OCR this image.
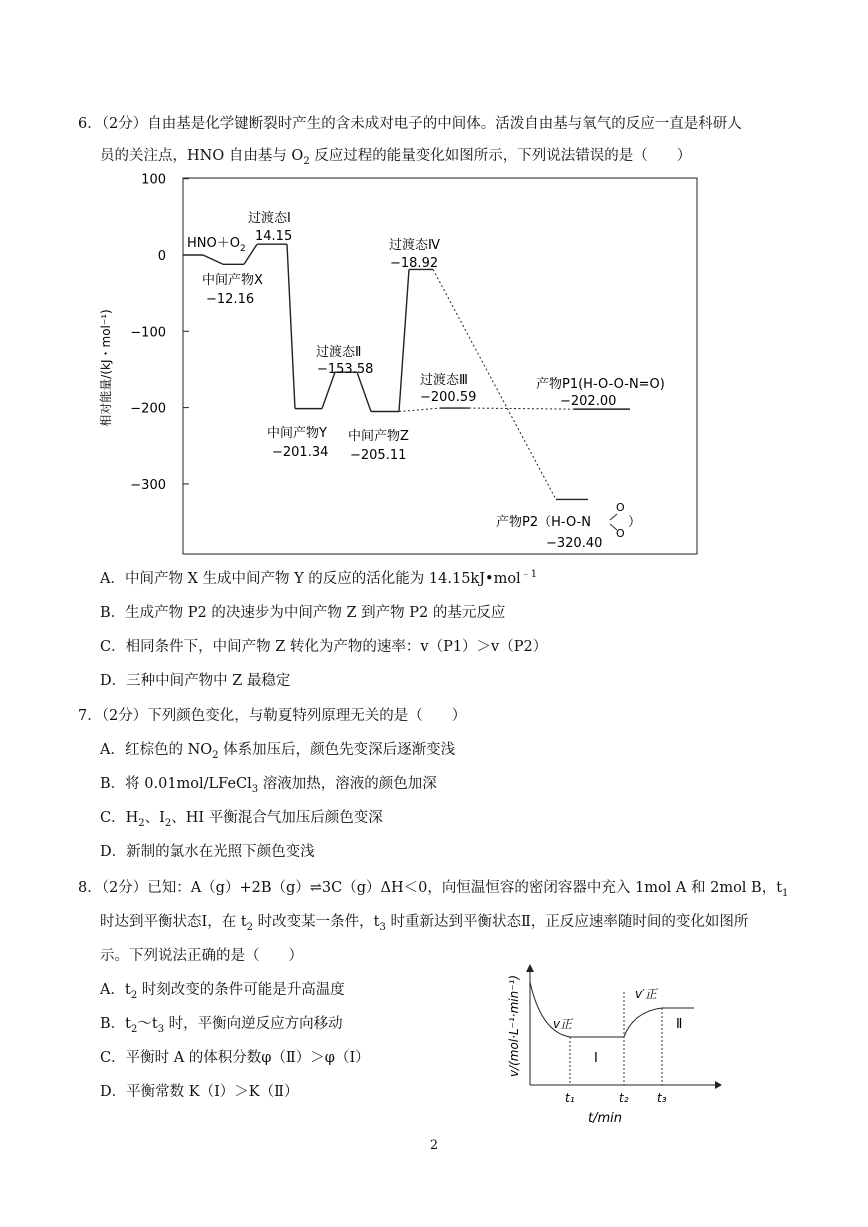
6．（2分）自由基是化学键断裂时产生的含未成对电子的中间体。活泼自由基与氧气的反应一直是科研人
员的关注点，HNO 自由基与 $O_2$ 反应过程的能量变化如图所示，下列说法错误的是（　　）
100
0
−100
−200
−300
相对能量/(kJ・mol⁻¹)
$HNO+O_2$
中间产物X
−12.16
过渡态Ⅰ
14.15
中间产物Y
−201.34
过渡态Ⅱ
−153.58
中间产物Z
−205.11
过渡态Ⅳ
−18.92
过渡态Ⅲ
−200.59
产物P1(H-O-O-N=O)
−202.00
产物P2（H-O-N
O
O
）
−320.40
A．中间产物 X 生成中间产物 Y 的反应的活化能为 14.15kJ•mol$^{﹣1}$
B．生成产物 P2 的决速步为中间产物 Z 到产物 P2 的基元反应
C．相同条件下，中间产物 Z 转化为产物的速率：v（P1）＞v（P2）
D．三种中间产物中 Z 最稳定
7．（2分）下列颜色变化，与勒夏特列原理无关的是（　　）
A．红棕色的 $NO_2$ 体系加压后，颜色先变深后逐渐变浅
B．将 0.01mol/LFeCl$_3$ 溶液加热，溶液的颜色加深
C．$H_2$、$I_2$、HI 平衡混合气加压后颜色变深
D．新制的氯水在光照下颜色变浅
8．（2分）已知：A（g）+2B（g）⇌3C（g）ΔH＜0，向恒温恒容的密闭容器中充入 1mol A 和 2mol B，$t_1$
时达到平衡状态Ⅰ，在 $t_2$ 时改变某一条件，$t_3$ 时重新达到平衡状态Ⅱ，正反应速率随时间的变化如图所
示。下列说法正确的是（　　）
A．$t_2$ 时刻改变的条件可能是升高温度
B．$t_2\sim t_3$ 时，平衡向逆反应方向移动
C．平衡时 A 的体积分数φ（Ⅱ）＞φ（Ⅰ）
D．平衡常数 K（Ⅰ）＞K（Ⅱ）
v/(mol·L⁻¹·min⁻¹)	v正
v′正
Ⅰ
Ⅱ
t₁	t₂ t₃
t/min
2
